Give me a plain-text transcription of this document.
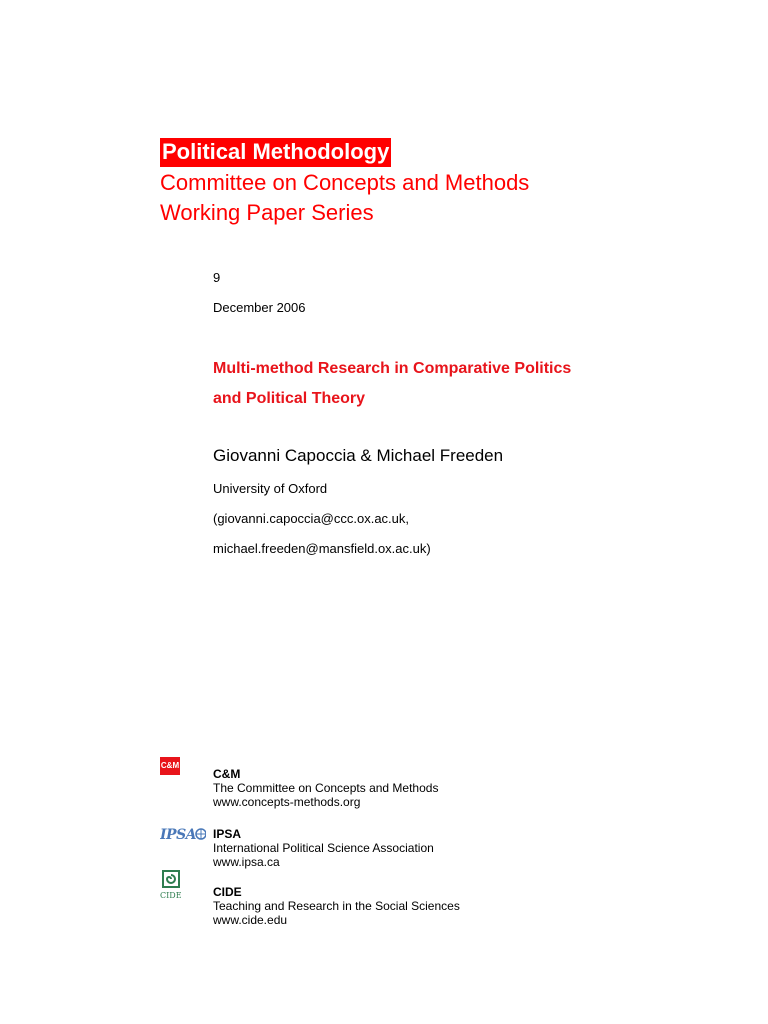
Political Methodology
Committee on Concepts and Methods
Working Paper Series
9
December 2006
Multi-method Research in Comparative Politics
and Political Theory
Giovanni Capoccia & Michael Freeden
University of Oxford
(giovanni.capoccia@ccc.ox.ac.uk,
michael.freeden@mansfield.ox.ac.uk)
C&M
C&M
The Committee on Concepts and Methods
www.concepts-methods.org
IPSA IPSA
International Political Science Association
www.ipsa.ca
CIDE	CIDE
Teaching and Research in the Social Sciences
www.cide.edu
